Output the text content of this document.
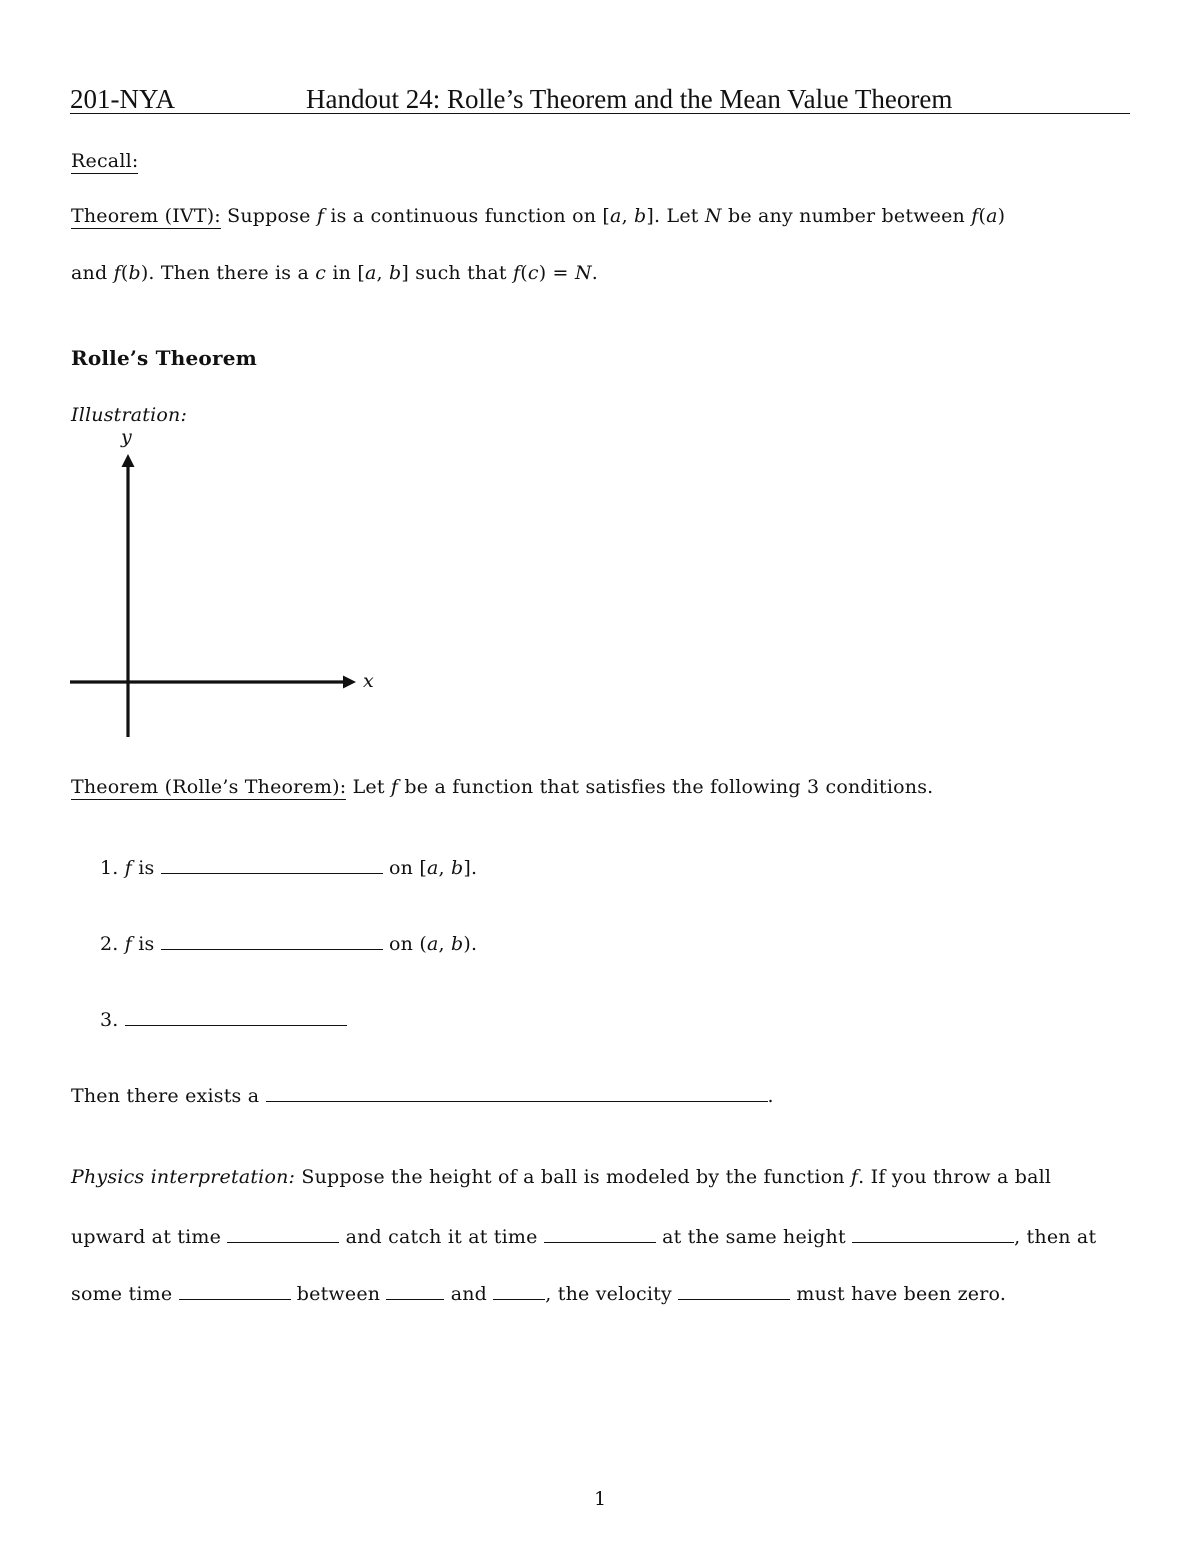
201-NYA	Handout 24: Rolle’s Theorem and the Mean Value Theorem
Recall:
Theorem (IVT): Suppose f is a continuous function on [a, b]. Let N be any number between f(a)
and f(b). Then there is a c in [a, b] such that f(c) = N.
Rolle’s Theorem
Illustration:
y
x
Theorem (Rolle’s Theorem): Let f be a function that satisfies the following 3 conditions.
1. f is	on [a, b].
2. f is	on (a, b).
3.
Then there exists a	.
Physics interpretation: Suppose the height of a ball is modeled by the function f. If you throw a ball
upward at time	and catch it at time	at the same height	, then at
some time	between	and	, the velocity	must have been zero.
1
